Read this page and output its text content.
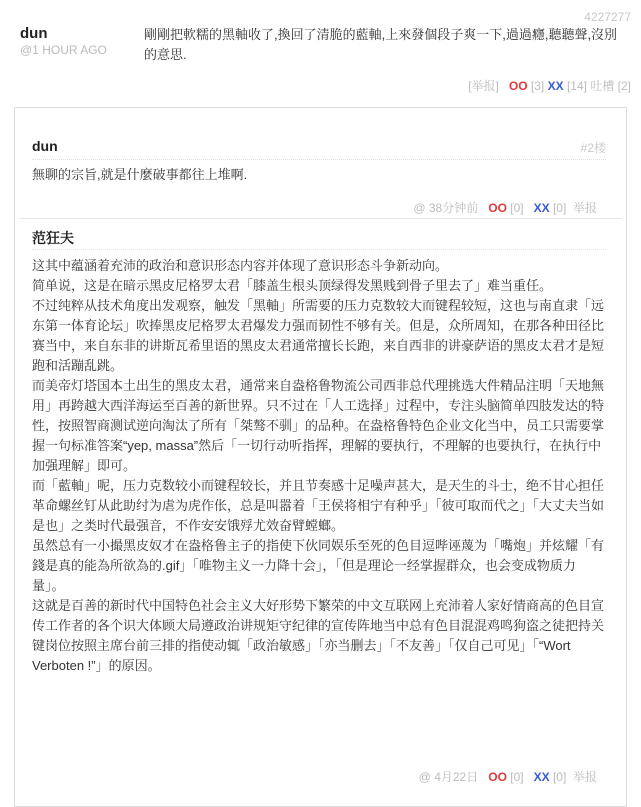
4227277
dun
@1 HOUR AGO
剛剛把軟糯的黑軸收了,換回了清脆的藍軸,上來發個段子爽一下,過過癮,聽聽聲,沒別的意思.
[举报] OO [3] XX [14] 吐槽 [2]
dun	#2楼
無聊的宗旨,就是什麼破事都往上堆啊.
@ 38分钟前 OO [0] XX [0] 举报
范狂夫
这其中蕴涵着充沛的政治和意识形态内容并体现了意识形态斗争新动向。
简单说，这是在暗示黑皮尼格罗太君「膝盖生根头顶绿得发黑贱到骨子里去了」难当重任。
不过纯粹从技术角度出发观察，触发「黑軸」所需要的压力克数较大而键程较短，这也与南直隶「远东第一体育论坛」吹捧黑皮尼格罗太君爆发力强而韧性不够有关。但是，众所周知，在那各种田径比赛当中，来自东非的讲斯瓦希里语的黑皮太君通常擅长长跑，来自西非的讲豪萨语的黑皮太君才是短跑和活蹦乱跳。
而美帝灯塔国本土出生的黑皮太君，通常来自盎格鲁物流公司西非总代理挑选大件精品注明「天地無用」再跨越大西洋海运至百善的新世界。只不过在「人工选择」过程中，专注头脑简单四肢发达的特性，按照智商测试逆向淘汰了所有「桀骜不驯」的品种。在盎格鲁特色企业文化当中，员工只需要掌握一句标准答案“yep, massa”然后「一切行动听指挥，理解的要执行，不理解的也要执行，在执行中加强理解」即可。
而「藍軸」呢，压力克数较小而键程较长，并且节奏感十足噪声甚大，是天生的斗士，绝不甘心担任革命螺丝钉从此助纣为虐为虎作伥，总是叫嚣着「王侯将相宁有种乎」「彼可取而代之」「大丈夫当如是也」之类时代最强音，不作安安饿殍尤效奋臂螳螂。
虽然总有一小撮黑皮奴才在盎格鲁主子的指使下伙同娱乐至死的色目逗哔诬蔑为「嘴炮」并炫耀「有錢是真的能為所欲為的.gif」「唯物主义一力降十会」，「但是理论一经掌握群众，也会变成物质力量」。
这就是百善的新时代中国特色社会主义大好形势下繁荣的中文互联网上充沛着人家好情商高的色目宣传工作者的各个识大体顾大局遵政治讲规矩守纪律的宣传阵地当中总有色目混混鸡鸣狗盗之徒把持关键岗位按照主席台前三排的指使动辄「政治敏感」「亦当删去」「不友善」「仅自己可见」「“Wort Verboten !”」的原因。
@ 4月22日 OO [0] XX [0] 举报
